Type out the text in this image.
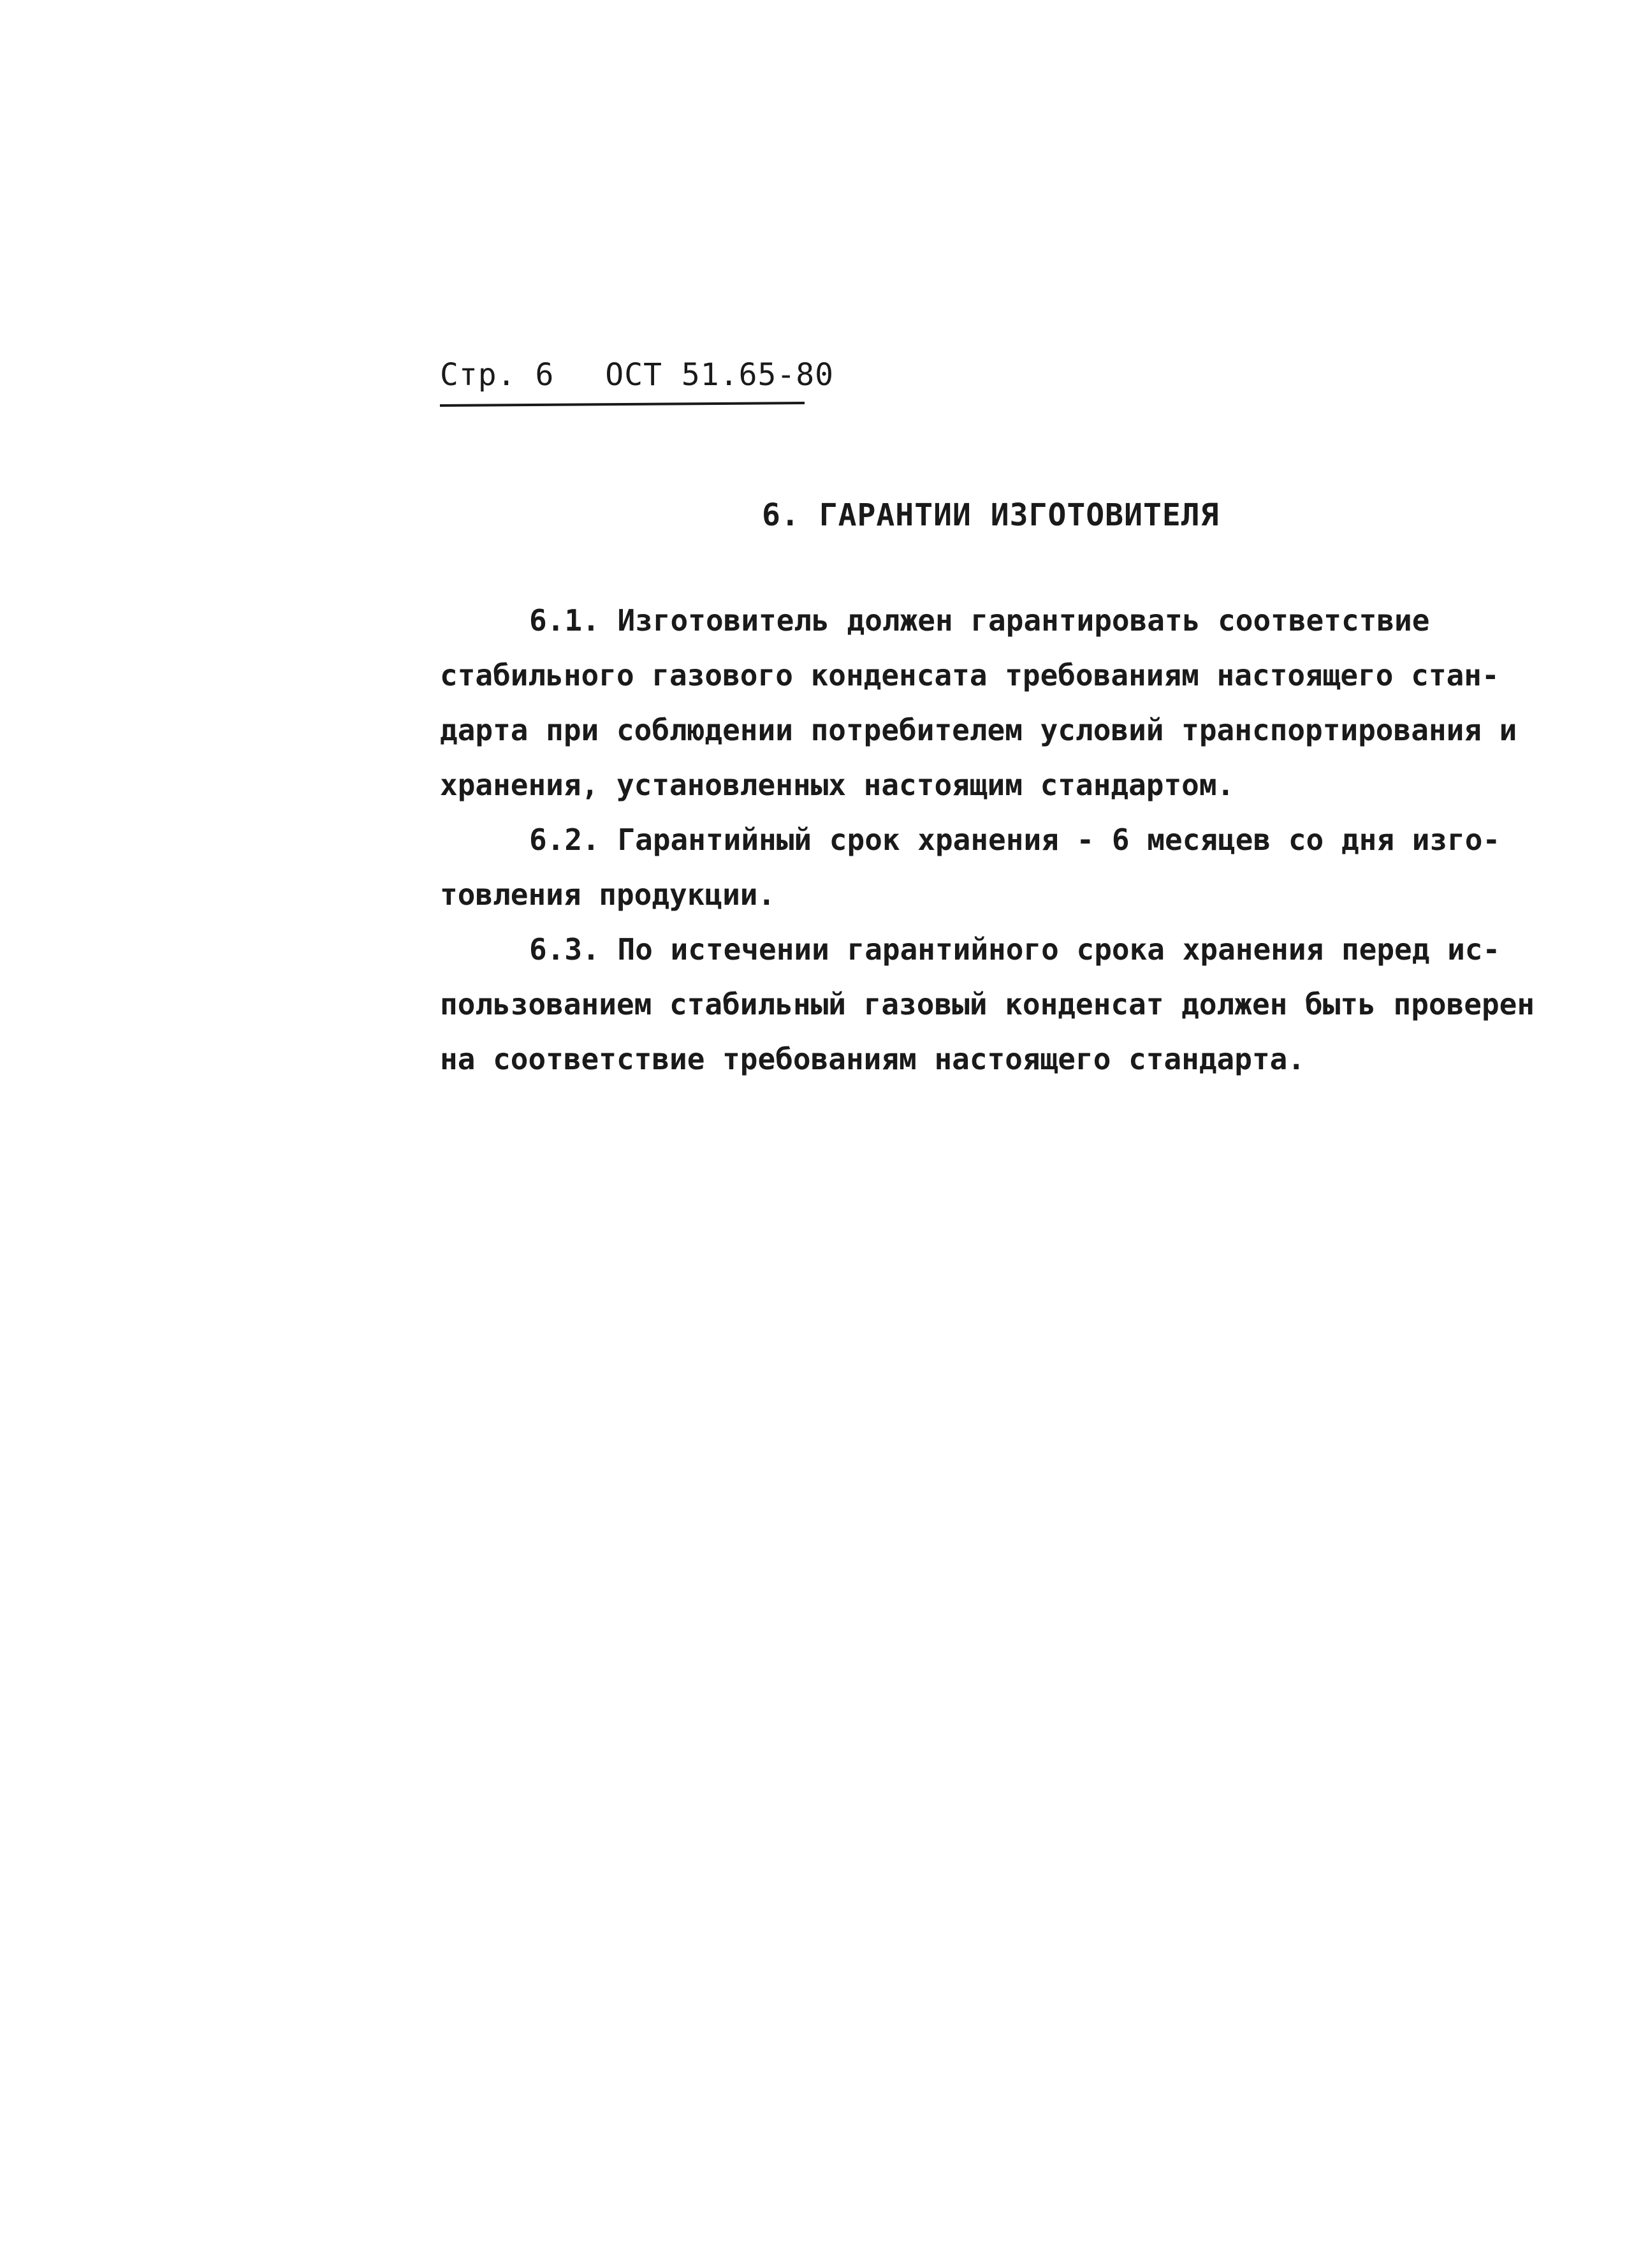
Стр. 6 ОСТ 51.65-80
6. ГАРАНТИИ ИЗГОТОВИТЕЛЯ
6.1. Изготовитель должен гарантировать соответствие
стабильного газового конденсата требованиям настоящего стан-
дарта при соблюдении потребителем условий транспортирования и
хранения, установленных настоящим стандартом.
6.2. Гарантийный срок хранения - 6 месяцев со дня изго-
товления продукции.
6.3. По истечении гарантийного срока хранения перед ис-
пользованием стабильный газовый конденсат должен быть проверен
на соответствие требованиям настоящего стандарта.
